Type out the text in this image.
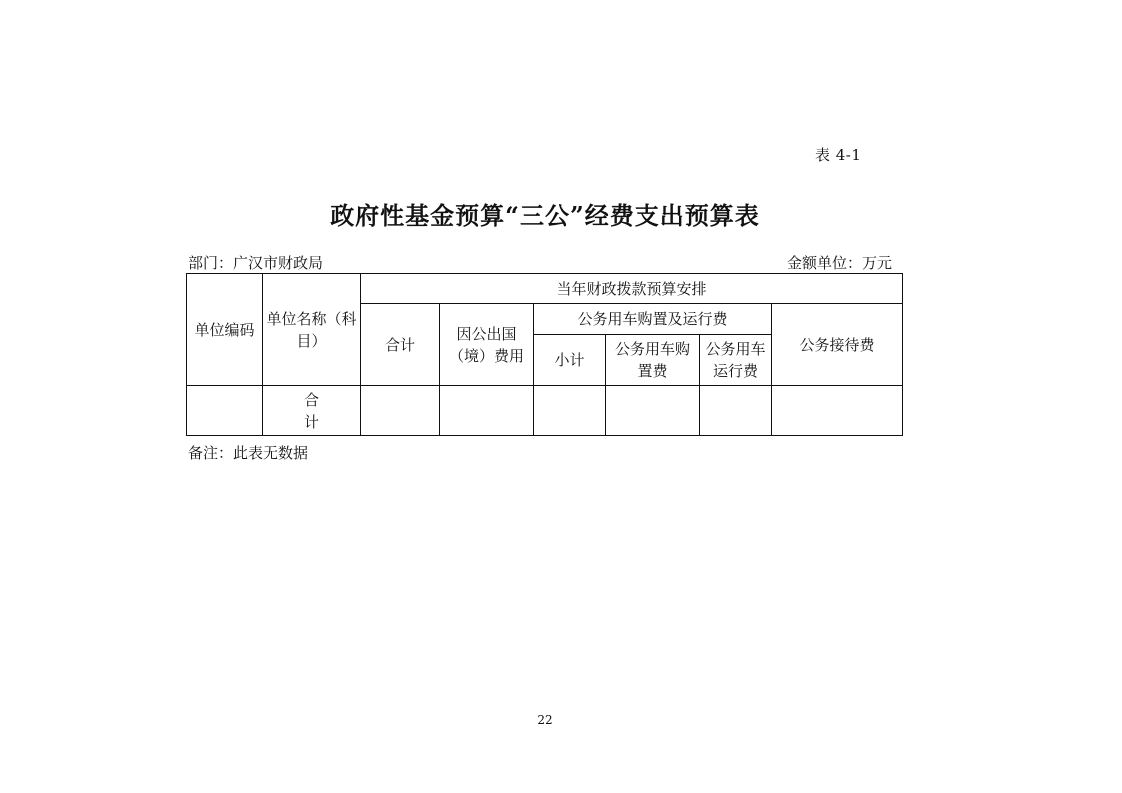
表 4-1
政府性基金预算“三公”经费支出预算表
部门：广汉市财政局	金额单位：万元
单位编码	单位名称（科目）	当年财政拨款预算安排					
		合计	因公出国（境）费用	公务用车购置及运行费			公务接待费
				小计	公务用车购置费	公务用车运行费	
	合计						
备注：此表无数据
22
